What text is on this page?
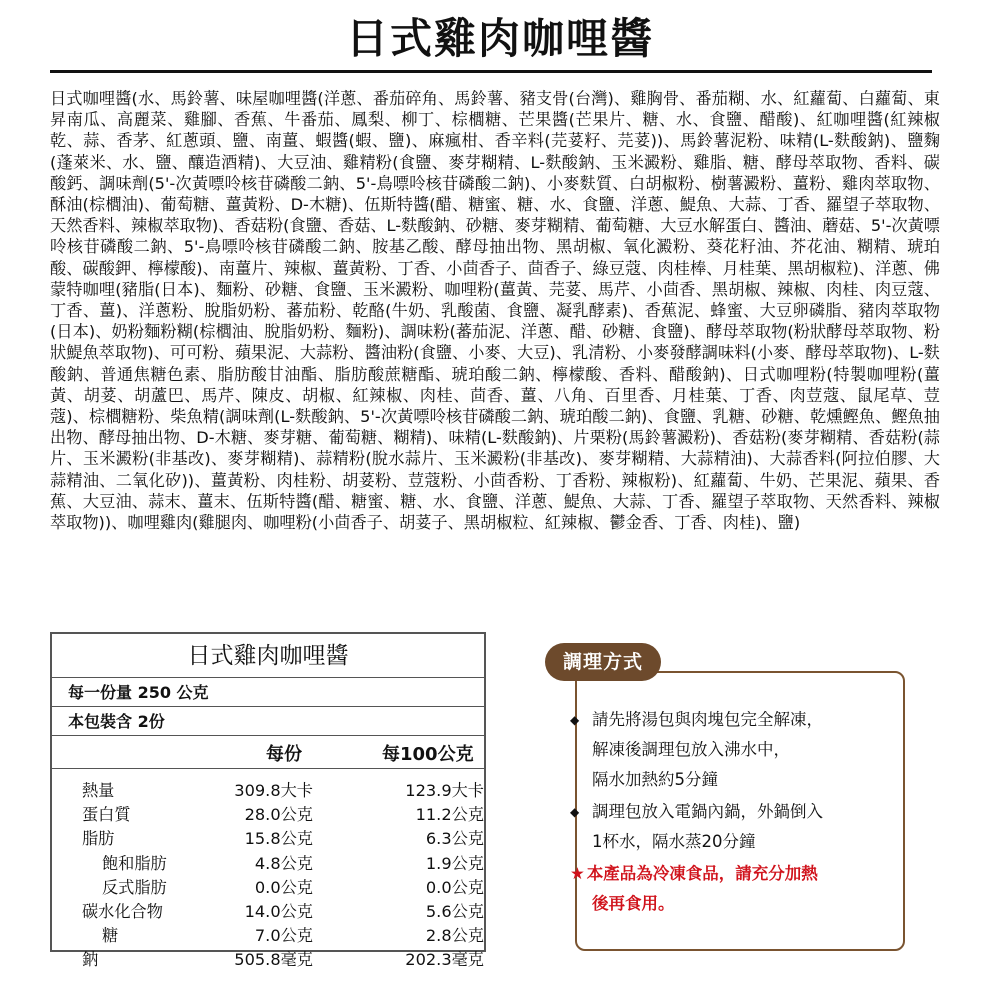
日式雞肉咖哩醬
日式咖哩醬(水、馬鈴薯、味屋咖哩醬(洋蔥、番茄碎角、馬鈴薯、豬支骨(台灣)、雞胸骨、番茄糊、水、紅蘿蔔、白蘿蔔、東昇南瓜、高麗菜、雞腳、香蕉、牛番茄、鳳梨、柳丁、棕櫚糖、芒果醬(芒果片、糖、水、食鹽、醋酸)、紅咖哩醬(紅辣椒乾、蒜、香茅、紅蔥頭、鹽、南薑、蝦醬(蝦、鹽)、麻瘋柑、香辛料(芫荽籽、芫荽))、馬鈴薯泥粉、味精(L-麩酸鈉)、鹽麴(蓬萊米、水、鹽、釀造酒精)、大豆油、雞精粉(食鹽、麥芽糊精、L-麩酸鈉、玉米澱粉、雞脂、糖、酵母萃取物、香料、碳酸鈣、調味劑(5'-次黃嘌呤核苷磷酸二鈉、5'-鳥嘌呤核苷磷酸二鈉)、小麥麩質、白胡椒粉、樹薯澱粉、薑粉、雞肉萃取物、酥油(棕櫚油)、葡萄糖、薑黃粉、D-木糖)、伍斯特醬(醋、糖蜜、糖、水、食鹽、洋蔥、鯷魚、大蒜、丁香、羅望子萃取物、天然香料、辣椒萃取物)、香菇粉(食鹽、香菇、L-麩酸鈉、砂糖、麥芽糊精、葡萄糖、大豆水解蛋白、醬油、蘑菇、5'-次黃嘌呤核苷磷酸二鈉、5'-鳥嘌呤核苷磷酸二鈉、胺基乙酸、酵母抽出物、黑胡椒、氧化澱粉、葵花籽油、芥花油、糊精、琥珀酸、碳酸鉀、檸檬酸)、南薑片、辣椒、薑黃粉、丁香、小茴香子、茴香子、綠豆蔻、肉桂棒、月桂葉、黑胡椒粒)、洋蔥、佛蒙特咖哩(豬脂(日本)、麵粉、砂糖、食鹽、玉米澱粉、咖哩粉(薑黃、芫荽、馬芹、小茴香、黑胡椒、辣椒、肉桂、肉豆蔻、丁香、薑)、洋蔥粉、脫脂奶粉、蕃茄粉、乾酪(牛奶、乳酸菌、食鹽、凝乳酵素)、香蕉泥、蜂蜜、大豆卵磷脂、豬肉萃取物(日本)、奶粉麵粉糊(棕櫚油、脫脂奶粉、麵粉)、調味粉(蕃茄泥、洋蔥、醋、砂糖、食鹽)、酵母萃取物(粉狀酵母萃取物、粉狀鯷魚萃取物)、可可粉、蘋果泥、大蒜粉、醬油粉(食鹽、小麥、大豆)、乳清粉、小麥發酵調味料(小麥、酵母萃取物)、L-麩酸鈉、普通焦糖色素、脂肪酸甘油酯、脂肪酸蔗糖酯、琥珀酸二鈉、檸檬酸、香料、醋酸鈉)、日式咖哩粉(特製咖哩粉(薑黃、胡荽、胡蘆巴、馬芹、陳皮、胡椒、紅辣椒、肉桂、茴香、薑、八角、百里香、月桂葉、丁香、肉荳蔻、鼠尾草、荳蔻)、棕櫚糖粉、柴魚精(調味劑(L-麩酸鈉、5'-次黃嘌呤核苷磷酸二鈉、琥珀酸二鈉)、食鹽、乳糖、砂糖、乾燻鰹魚、鰹魚抽出物、酵母抽出物、D-木糖、麥芽糖、葡萄糖、糊精)、味精(L-麩酸鈉)、片栗粉(馬鈴薯澱粉)、香菇粉(麥芽糊精、香菇粉(蒜片、玉米澱粉(非基改)、麥芽糊精)、蒜精粉(脫水蒜片、玉米澱粉(非基改)、麥芽糊精、大蒜精油)、大蒜香料(阿拉伯膠、大蒜精油、二氧化矽))、薑黃粉、肉桂粉、胡荽粉、荳蔻粉、小茴香粉、丁香粉、辣椒粉)、紅蘿蔔、牛奶、芒果泥、蘋果、香蕉、大豆油、蒜末、薑末、伍斯特醬(醋、糖蜜、糖、水、食鹽、洋蔥、鯷魚、大蒜、丁香、羅望子萃取物、天然香料、辣椒萃取物))、咖哩雞肉(雞腿肉、咖哩粉(小茴香子、胡荽子、黑胡椒粒、紅辣椒、鬱金香、丁香、肉桂)、鹽)
日式雞肉咖哩醬
每一份量 250 公克
本包裝含 2份
每份	每100公克
熱量	309.8大卡	123.9大卡
蛋白質	28.0公克	11.2公克
脂肪	15.8公克	6.3公克
飽和脂肪	4.8公克	1.9公克
反式脂肪	0.0公克	0.0公克
碳水化合物	14.0公克	5.6公克
糖	7.0公克	2.8公克
鈉	505.8毫克	202.3毫克
調理方式
◆ 請先將湯包與肉塊包完全解凍，
解凍後調理包放入沸水中，
隔水加熱約5分鐘
◆ 調理包放入電鍋內鍋，外鍋倒入
1杯水，隔水蒸20分鐘
★ 本產品為冷凍食品，請充分加熱
後再食用。
